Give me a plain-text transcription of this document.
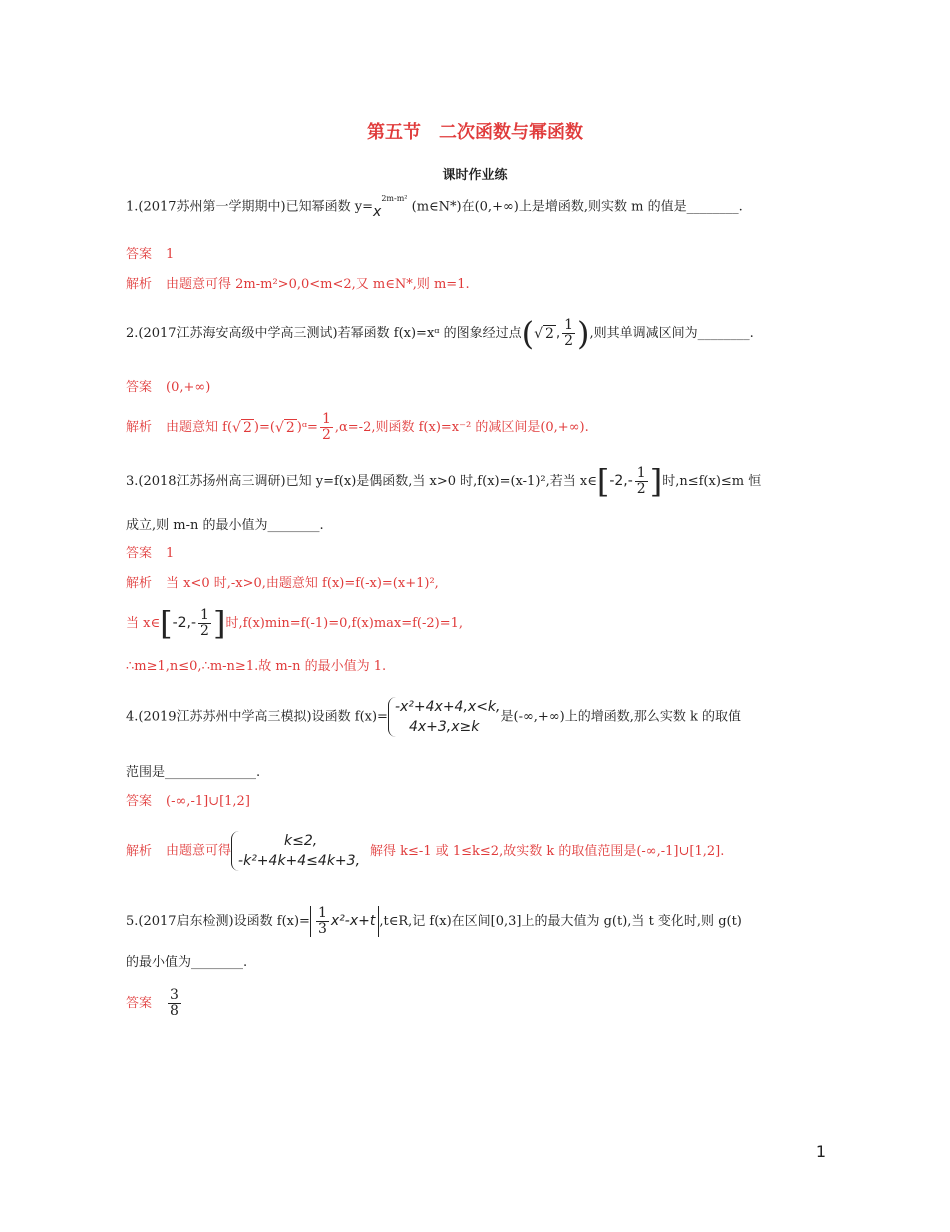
第五节　二次函数与幂函数
课时作业练
1.(2017苏州第一学期期中)已知幂函数 $y=x^{2m-m^2}$ (m∈N*)在(0,+∞)上是增函数,则实数 m 的值是________.
答案 1
解析 由题意可得 2m-m²>0,0<m<2,又 m∈N*,则 m=1.
2.(2017江苏海安高级中学高三测试)若幂函数 f(x)=xᵅ 的图象经过点(√ 2 , $\frac{1}{2}$ ),则其单调减区间为________.
答案 (0,+∞)
解析 由题意知 f(√ 2 )=(√ 2 )ᵅ= $\frac{1}{2} ,\alpha=-2$,则函数 f(x)=x⁻² 的减区间是(0,+∞).
3.(2018江苏扬州高三调研)已知 y=f(x)是偶函数,当 x>0 时,f(x)=(x-1)²,若当 x∈[-2,- $\frac{1}{2}$ ]时,n≤f(x)≤m 恒
成立,则 m-n 的最小值为________.
答案 1
解析 当 x<0 时,-x>0,由题意知 f(x)=f(-x)=(x+1)²,
当 x∈[-2,- $\frac{1}{2}$ ]时,f(x)min=f(-1)=0,f(x)max=f(-2)=1,
∴m≥1,n≤0,∴m-n≥1.故 m-n 的最小值为 1.
4.(2019江苏苏州中学高三模拟)设函数 f(x)=
-x²+4x+4,x<k,
4x+3,x≥k
是(-∞,+∞)上的增函数,那么实数 k 的取值
范围是______________.
答案 (-∞,-1]∪[1,2]
解析 由题意可得
k≤2,
-k²+4k+4≤4k+3,
解得 k≤-1 或 1≤k≤2,故实数 k 的取值范围是(-∞,-1]∪[1,2].
5.(2017启东检测)设函数 $f(x)= \frac{1}{3} x^2-x+t$ ,t∈R,记 f(x)在区间[0,3]上的最大值为 g(t),当 t 变化时,则 g(t)
的最小值为________.
答案 $\frac{3}{8}$
1
